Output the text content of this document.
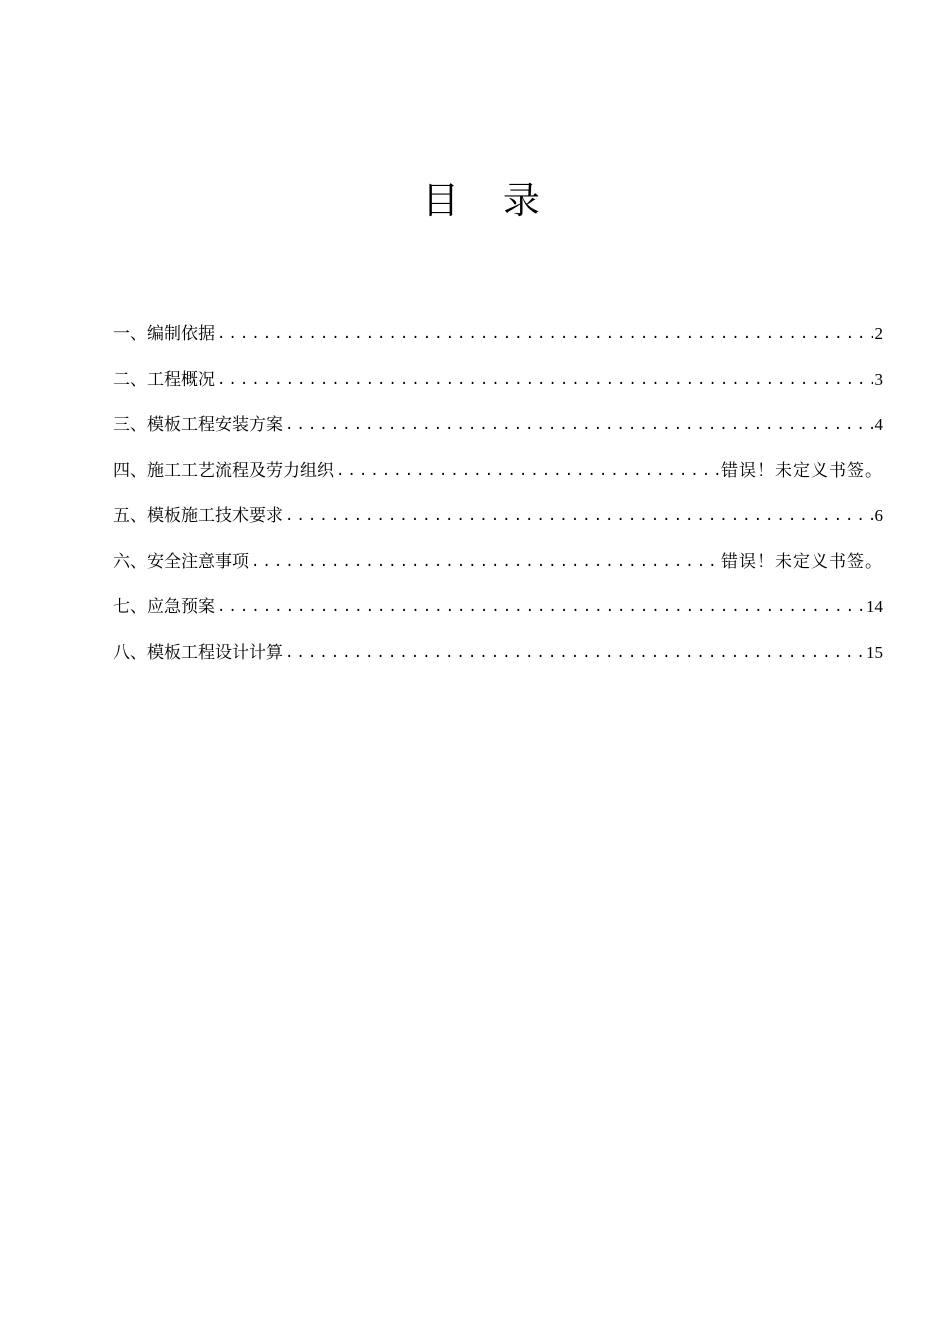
目 录
一、编制依据 .....	2
二、工程概况 .....	3
三、模板工程安装方案 .....	4
四、施工工艺流程及劳力组织 .....	错误！未定义书签。
五、模板施工技术要求 .....	6
六、安全注意事项 .....	错误！未定义书签。
七、应急预案 .....	14
八、模板工程设计计算 .....	15
